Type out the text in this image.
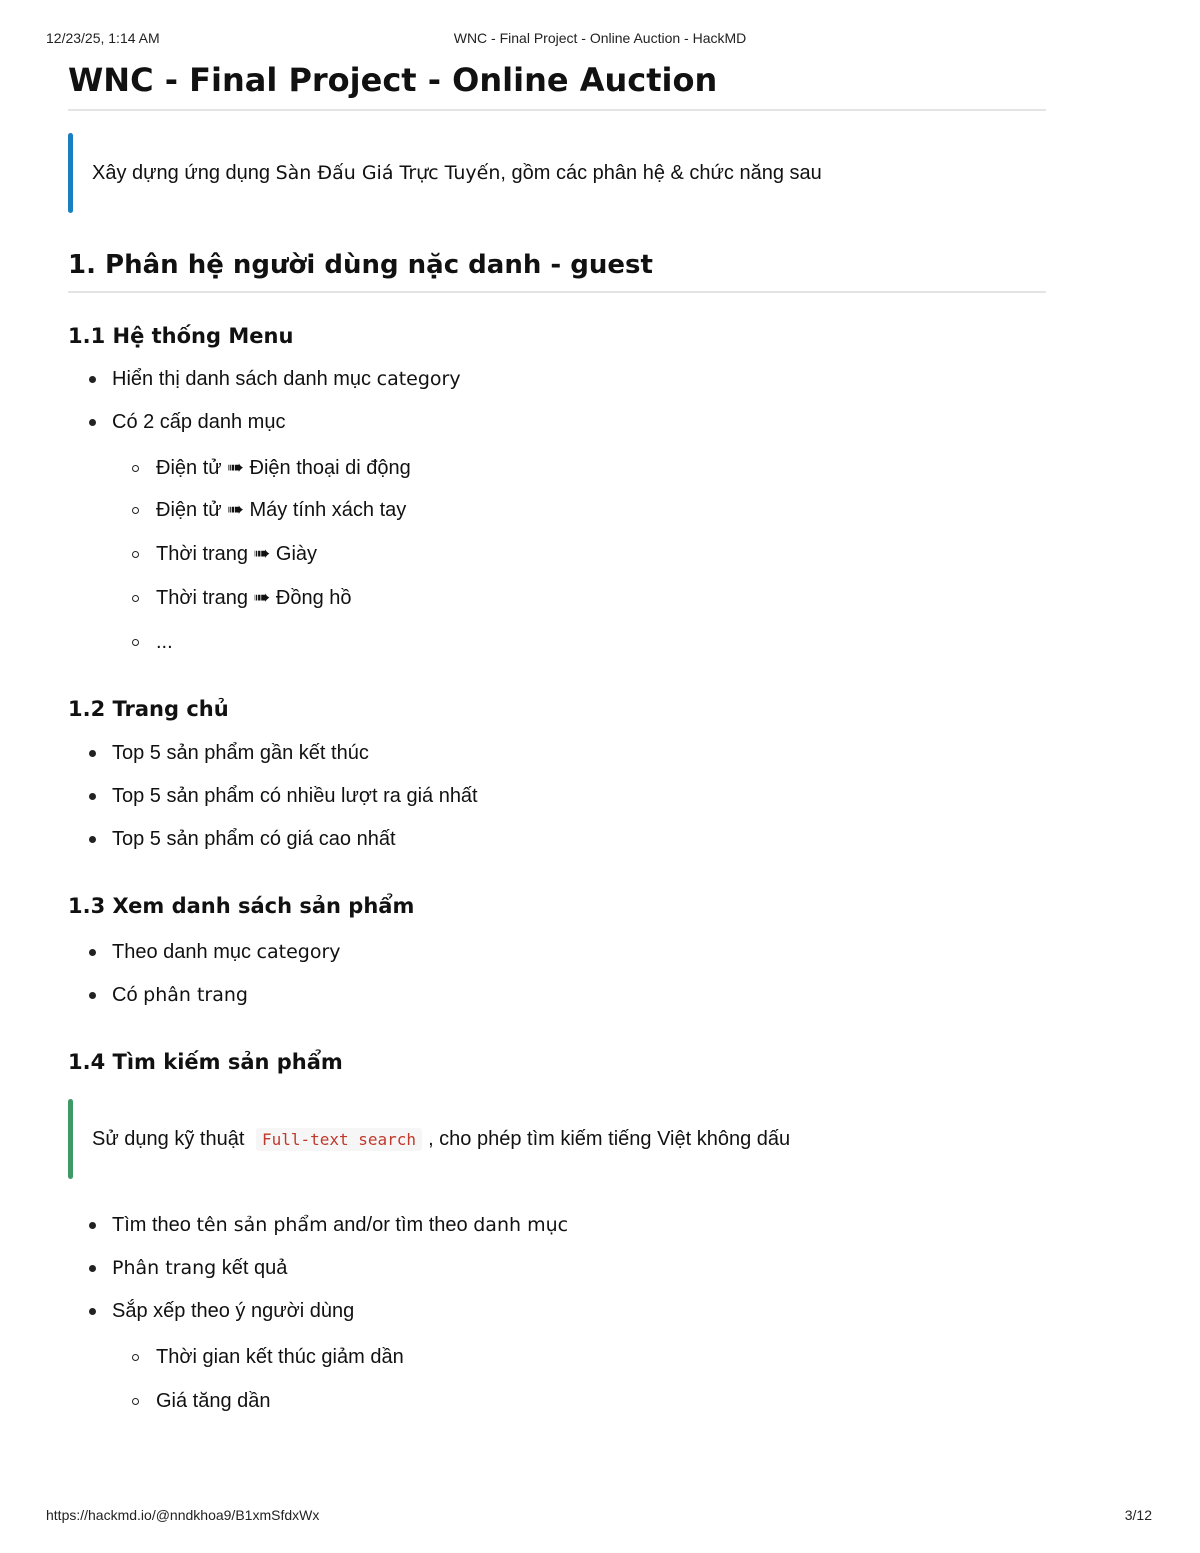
12/23/25, 1:14 AM	WNC - Final Project - Online Auction - HackMD
WNC - Final Project - Online Auction
Xây dựng ứng dụng Sàn Đấu Giá Trực Tuyến, gồm các phân hệ & chức năng sau
1. Phân hệ người dùng nặc danh - guest
1.1 Hệ thống Menu
Hiển thị danh sách danh mục category
Có 2 cấp danh mục
Điện tử ➠ Điện thoại di động
Điện tử ➠ Máy tính xách tay
Thời trang ➠ Giày
Thời trang ➠ Đồng hồ
...
1.2 Trang chủ
Top 5 sản phẩm gần kết thúc
Top 5 sản phẩm có nhiều lượt ra giá nhất
Top 5 sản phẩm có giá cao nhất
1.3 Xem danh sách sản phẩm
Theo danh mục category
Có phân trang
1.4 Tìm kiếm sản phẩm
Sử dụng kỹ thuật Full-text search , cho phép tìm kiếm tiếng Việt không dấu
Tìm theo tên sản phẩm and/or tìm theo danh mục
Phân trang kết quả
Sắp xếp theo ý người dùng
Thời gian kết thúc giảm dần
Giá tăng dần
https://hackmd.io/@nndkhoa9/B1xmSfdxWx	3/12
